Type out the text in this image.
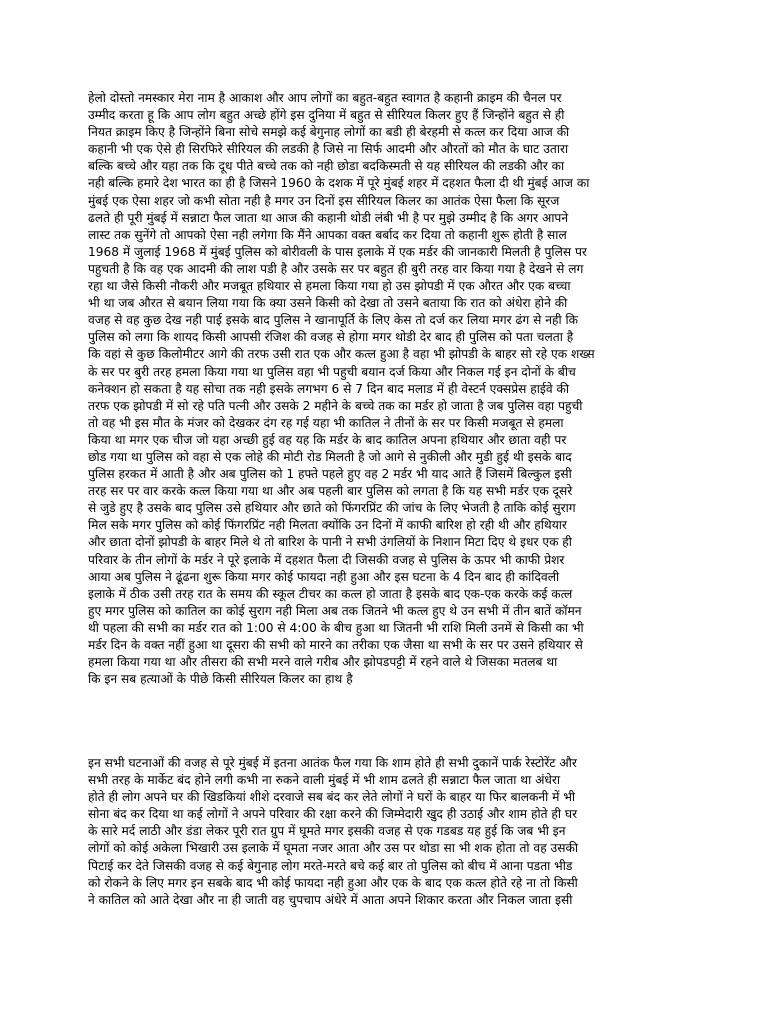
हेलो दोस्तो नमस्कार मेरा नाम है आकाश और आप लोगों का बहुत-बहुत स्वागत है कहानी क्राइम की चैनल पर
उम्मीद करता हू कि आप लोग बहुत अच्छे होंगे इस दुनिया में बहुत से सीरियल किलर हुए हैं जिन्होंने बहुत से ही
नियत क्राइम किए है जिन्होंने बिना सोचे समझे कई बेगुनाह लोगों का बडी ही बेरहमी से कत्ल कर दिया आज की
कहानी भी एक ऐसे ही सिरफिरे सीरियल की लडकी है जिसे ना सिर्फ आदमी और औरतों को मौत के घाट उतारा
बल्कि बच्चे और यहा तक कि दूध पीते बच्चे तक को नही छोडा बदकिस्मती से यह सीरियल की लडकी और का
नही बल्कि हमारे देश भारत का ही है जिसने 1960 के दशक में पूरे मुंबई शहर में दहशत फैला दी थी मुंबई आज का
मुंबई एक ऐसा शहर जो कभी सोता नही है मगर उन दिनों इस सीरियल किलर का आतंक ऐसा फैला कि सूरज
ढलते ही पूरी मुंबई में सन्नाटा फैल जाता था आज की कहानी थोडी लंबी भी है पर मुझे उम्मीद है कि अगर आपने
लास्ट तक सुनेंगे तो आपको ऐसा नही लगेगा कि मैंने आपका वक्त बर्बाद कर दिया तो कहानी शुरू होती है साल
1968 में जुलाई 1968 में मुंबई पुलिस को बोरीवली के पास इलाके में एक मर्डर की जानकारी मिलती है पुलिस पर
पहुचती है कि वह एक आदमी की लाश पडी है और उसके सर पर बहुत ही बुरी तरह वार किया गया है देखने से लग
रहा था जैसे किसी नौकरी और मजबूत हथियार से हमला किया गया हो उस झोपडी में एक औरत और एक बच्चा
भी था जब औरत से बयान लिया गया कि क्या उसने किसी को देखा तो उसने बताया कि रात को अंधेरा होने की
वजह से वह कुछ देख नही पाई इसके बाद पुलिस ने खानापूर्ति के लिए केस तो दर्ज कर लिया मगर ढंग से नही कि
पुलिस को लगा कि शायद किसी आपसी रंजिश की वजह से होगा मगर थोडी देर बाद ही पुलिस को पता चलता है
कि वहां से कुछ किलोमीटर आगे की तरफ उसी रात एक और कत्ल हुआ है वहा भी झोपडी के बाहर सो रहे एक शख्स
के सर पर बुरी तरह हमला किया गया था पुलिस वहा भी पहुची बयान दर्ज किया और निकल गई इन दोनों के बीच
कनेक्शन हो सकता है यह सोचा तक नही इसके लगभग 6 से 7 दिन बाद मलाड में ही वेस्टर्न एक्सप्रेस हाईवे की
तरफ एक झोपडी में सो रहे पति पत्नी और उसके 2 महीने के बच्चे तक का मर्डर हो जाता है जब पुलिस वहा पहुची
तो वह भी इस मौत के मंजर को देखकर दंग रह गई यहा भी कातिल ने तीनों के सर पर किसी मजबूत से हमला
किया था मगर एक चीज जो यहा अच्छी हुई वह यह कि मर्डर के बाद कातिल अपना हथियार और छाता वही पर
छोड गया था पुलिस को वहा से एक लोहे की मोटी रोड मिलती है जो आगे से नुकीली और मुडी हुई थी इसके बाद
पुलिस हरकत में आती है और अब पुलिस को 1 हफ्ते पहले हुए वह 2 मर्डर भी याद आते हैं जिसमें बिल्कुल इसी
तरह सर पर वार करके कत्ल किया गया था और अब पहली बार पुलिस को लगता है कि यह सभी मर्डर एक दूसरे
से जुडे हुए है उसके बाद पुलिस उसे हथियार और छाते को फिंगरप्रिंट की जांच के लिए भेजती है ताकि कोई सुराग
मिल सके मगर पुलिस को कोई फिंगरप्रिंट नही मिलता क्योंकि उन दिनों में काफी बारिश हो रही थी और हथियार
और छाता दोनों झोपडी के बाहर मिले थे तो बारिश के पानी ने सभी उंगलियों के निशान मिटा दिए थे इधर एक ही
परिवार के तीन लोगों के मर्डर ने पूरे इलाके में दहशत फैला दी जिसकी वजह से पुलिस के ऊपर भी काफी प्रेशर
आया अब पुलिस ने ढूंढना शुरू किया मगर कोई फायदा नही हुआ और इस घटना के 4 दिन बाद ही कांदिवली
इलाके में ठीक उसी तरह रात के समय की स्कूल टीचर का कत्ल हो जाता है इसके बाद एक-एक करके कई कत्ल
हुए मगर पुलिस को कातिल का कोई सुराग नही मिला अब तक जितने भी कत्ल हुए थे उन सभी में तीन बातें कॉमन
थी पहला की सभी का मर्डर रात को 1:00 से 4:00 के बीच हुआ था जितनी भी राशि मिली उनमें से किसी का भी
मर्डर दिन के वक्त नहीं हुआ था दूसरा की सभी को मारने का तरीका एक जैसा था सभी के सर पर उसने हथियार से
हमला किया गया था और तीसरा की सभी मरने वाले गरीब और झोपडपट्टी में रहने वाले थे जिसका मतलब था
कि इन सब हत्याओं के पीछे किसी सीरियल किलर का हाथ है
इन सभी घटनाओं की वजह से पूरे मुंबई में इतना आतंक फैल गया कि शाम होते ही सभी दुकानें पार्क रेस्टोरेंट और
सभी तरह के मार्केट बंद होने लगी कभी ना रुकने वाली मुंबई में भी शाम ढलते ही सन्नाटा फैल जाता था अंधेरा
होते ही लोग अपने घर की खिडकियां शीशे दरवाजे सब बंद कर लेते लोगों ने घरों के बाहर या फिर बालकनी में भी
सोना बंद कर दिया था कई लोगों ने अपने परिवार की रक्षा करने की जिम्मेदारी खुद ही उठाई और शाम होते ही घर
के सारे मर्द लाठी और डंडा लेकर पूरी रात ग्रुप में घूमते मगर इसकी वजह से एक गडबड यह हुई कि जब भी इन
लोगों को कोई अकेला भिखारी उस इलाके में घूमता नजर आता और उस पर थोडा सा भी शक होता तो वह उसकी
पिटाई कर देते जिसकी वजह से कई बेगुनाह लोग मरते-मरते बचे कई बार तो पुलिस को बीच में आना पडता भीड
को रोकने के लिए मगर इन सबके बाद भी कोई फायदा नही हुआ और एक के बाद एक कत्ल होते रहे ना तो किसी
ने कातिल को आते देखा और ना ही जाती वह चुपचाप अंधेरे में आता अपने शिकार करता और निकल जाता इसी
